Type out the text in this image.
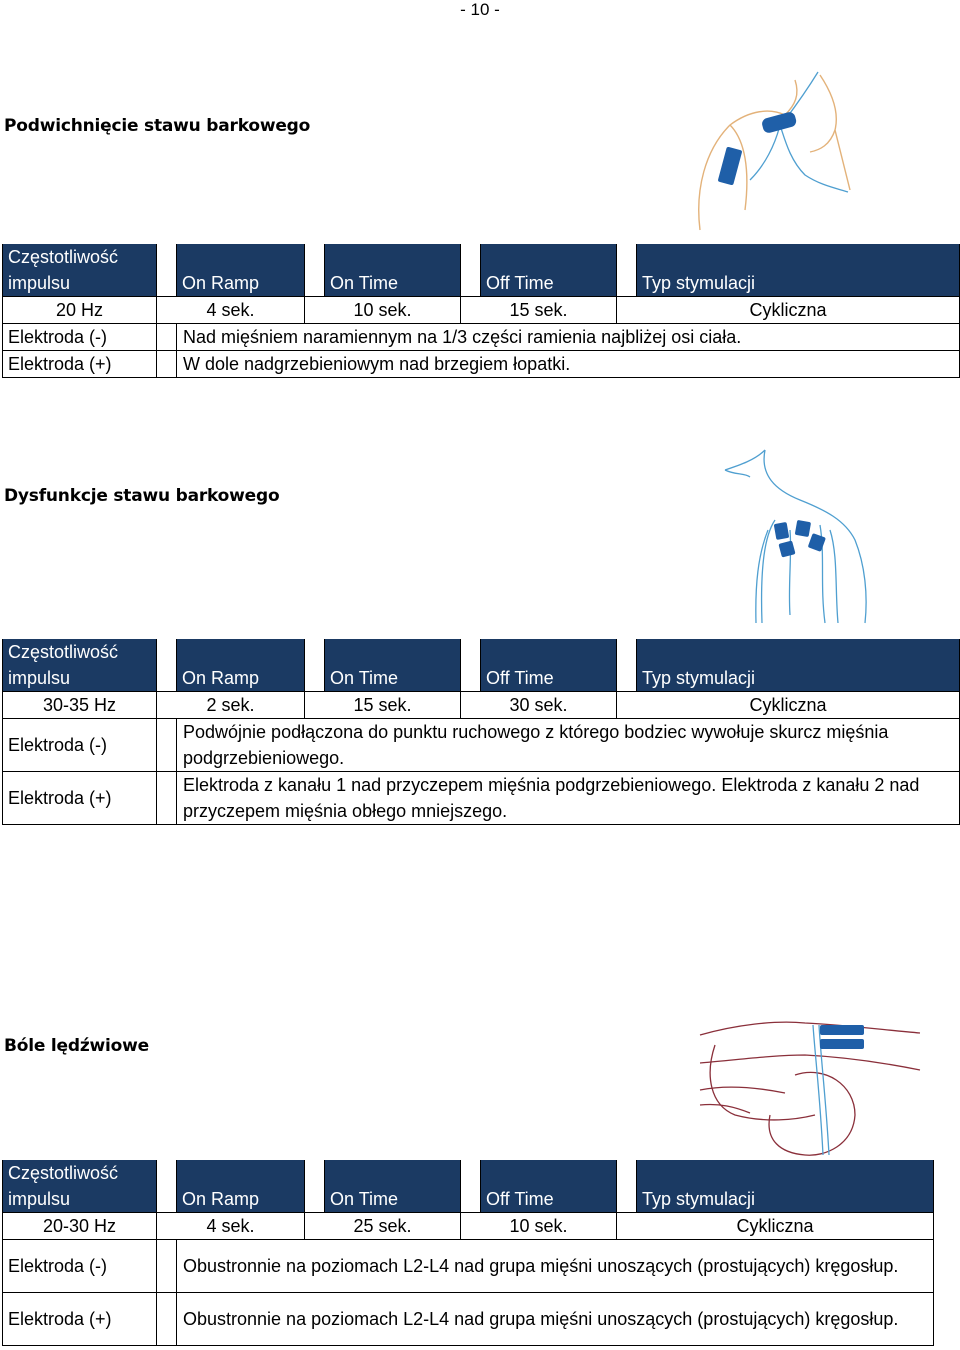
- 10 -
Podwichnięcie stawu barkowego
Częstotliwość impulsu		On Ramp		On Time		Off Time		Typ stymulacji
20 Hz	4 sek.		10 sek.		15 sek.		Cykliczna	
Elektroda (-)		Nad mięśniem naramiennym na 1/3 części ramienia najbliżej osi ciała.						
Elektroda (+)		W dole nadgrzebieniowym nad brzegiem łopatki.						
Dysfunkcje stawu barkowego
Częstotliwość impulsu		On Ramp		On Time		Off Time		Typ stymulacji
30-35 Hz	2 sek.		15 sek.		30 sek.		Cykliczna	
Elektroda (-)		Podwójnie podłączona do punktu ruchowego z którego bodziec wywołuje skurcz mięśnia podgrzebieniowego.						
Elektroda (+)		Elektroda z kanału 1 nad przyczepem mięśnia podgrzebieniowego. Elektroda z kanału 2 nad przyczepem mięśnia obłego mniejszego.						
Bóle lędźwiowe
Częstotliwość impulsu		On Ramp		On Time		Off Time		Typ stymulacji
20-30 Hz	4 sek.		25 sek.		10 sek.		Cykliczna	
Elektroda (-)		Obustronnie na poziomach L2-L4 nad grupa mięśni unoszących (prostujących) kręgosłup.						
Elektroda (+)		Obustronnie na poziomach L2-L4 nad grupa mięśni unoszących (prostujących) kręgosłup.						
